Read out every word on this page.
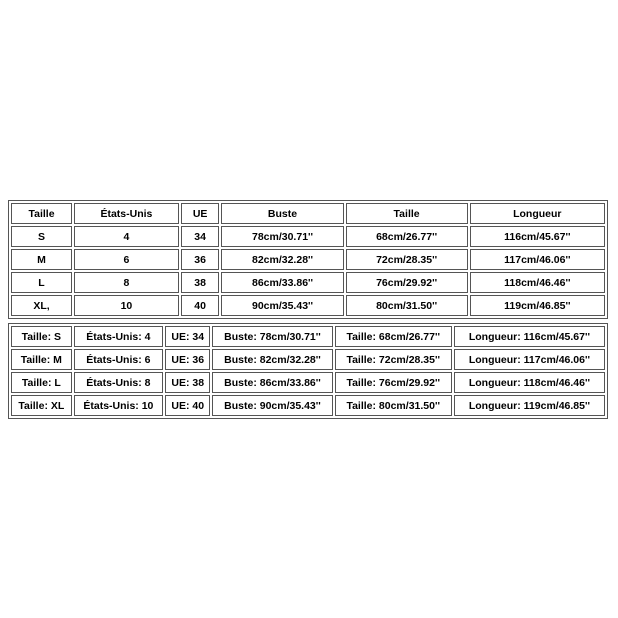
Taille	États-Unis	UE	Buste	Taille	Longueur
S	4	34	78cm/30.71''	68cm/26.77''	116cm/45.67''
M	6	36	82cm/32.28''	72cm/28.35''	117cm/46.06''
L	8	38	86cm/33.86''	76cm/29.92''	118cm/46.46''
XL,	10	40	90cm/35.43''	80cm/31.50''	119cm/46.85''
Taille: S	États-Unis: 4	UE: 34	Buste: 78cm/30.71''	Taille: 68cm/26.77''	Longueur: 116cm/45.67''
Taille: M	États-Unis: 6	UE: 36	Buste: 82cm/32.28''	Taille: 72cm/28.35''	Longueur: 117cm/46.06''
Taille: L	États-Unis: 8	UE: 38	Buste: 86cm/33.86''	Taille: 76cm/29.92''	Longueur: 118cm/46.46''
Taille: XL	États-Unis: 10	UE: 40	Buste: 90cm/35.43''	Taille: 80cm/31.50''	Longueur: 119cm/46.85''
